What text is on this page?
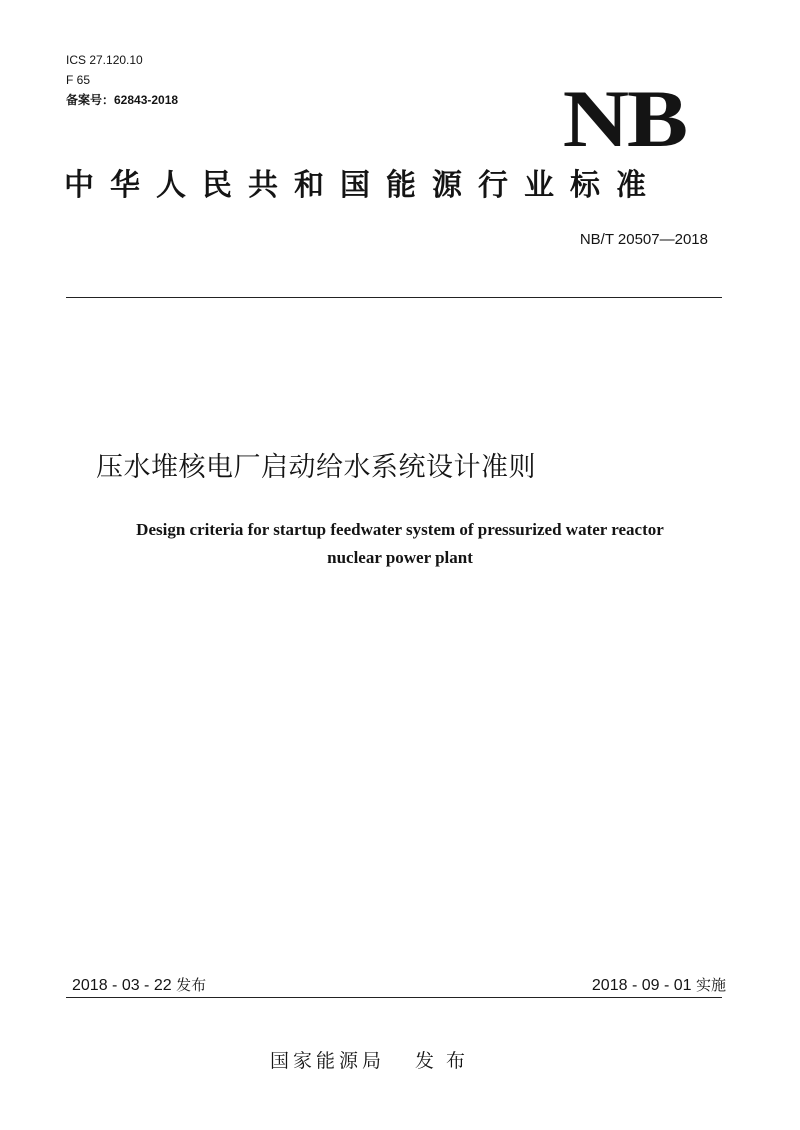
ICS 27.120.10
F 65
备案号：62843-2018	NB
中华人民共和国能源行业标准
NB/T 20507—2018
压水堆核电厂启动给水系统设计准则
Design criteria for startup feedwater system of pressurized water reactor
nuclear power plant
2018 - 03 - 22 发布	2018 - 09 - 01 实施
国家能源局 发布
